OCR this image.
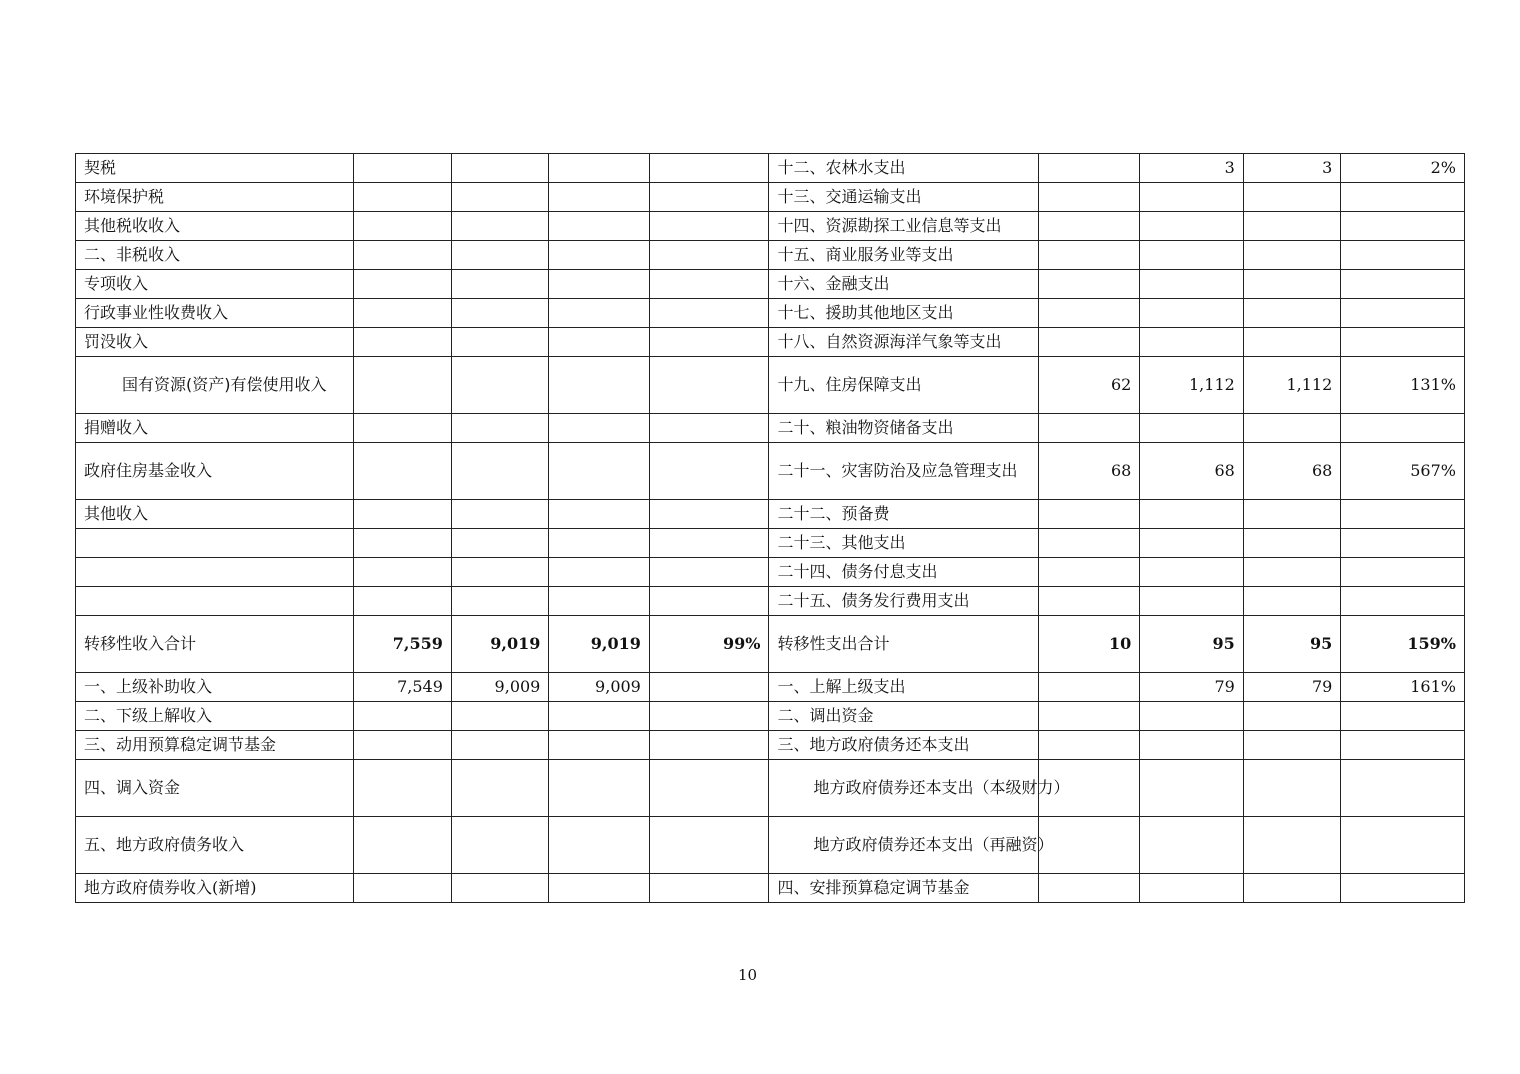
契税					十二、农林水支出		3	3	2%
环境保护税					十三、交通运输支出				
其他税收收入					十四、资源勘探工业信息等支出				
二、非税收入					十五、商业服务业等支出				
专项收入					十六、金融支出				
行政事业性收费收入					十七、援助其他地区支出				
罚没收入					十八、自然资源海洋气象等支出				
国有资源(资产)有偿使用收入					十九、住房保障支出	62	1,112	1,112	131%
捐赠收入					二十、粮油物资储备支出				
政府住房基金收入					二十一、灾害防治及应急管理支出	68	68	68	567%
其他收入					二十二、预备费				
					二十三、其他支出				
					二十四、债务付息支出				
					二十五、债务发行费用支出				
转移性收入合计	7,559	9,019	9,019	99%	转移性支出合计	10	95	95	159%
一、上级补助收入	7,549	9,009	9,009		一、上解上级支出		79	79	161%
二、下级上解收入					二、调出资金				
三、动用预算稳定调节基金					三、地方政府债务还本支出				
四、调入资金					地方政府债券还本支出（本级财力）				
五、地方政府债务收入					地方政府债券还本支出（再融资）				
地方政府债券收入(新增)					四、安排预算稳定调节基金				
10
